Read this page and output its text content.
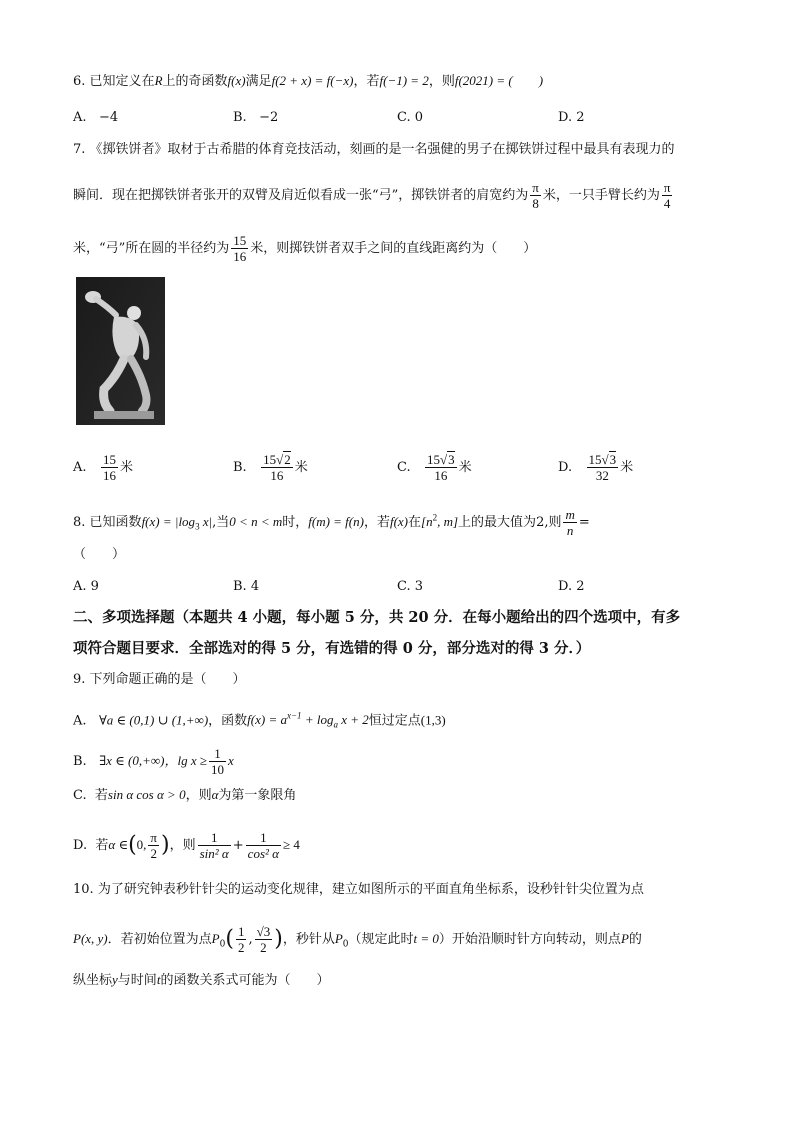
6. 已知定义在R上的奇函数f(x)满足f(2 + x) = f(−x)，若f(−1) = 2，则f(2021) = (　　)
A. −4	B. −2	C. 0	D. 2
7. 《掷铁饼者》取材于古希腊的体育竞技活动，刻画的是一名强健的男子在掷铁饼过程中最具有表现力的
瞬间．现在把掷铁饼者张开的双臂及肩近似看成一张“弓”，掷铁饼者的肩宽约为 $\frac{\pi}{8}$ 米，一只手臂长约为 $\frac{\pi}{4}$
米，“弓”所在圆的半径约为 $\frac{15}{16}$ 米，则掷铁饼者双手之间的直线距离约为（　　）
A. $\frac{15}{16}$ 米	B. $\frac{15√2}{16}$ 米	C. $\frac{15√3}{16}$ 米	D. $\frac{15√3}{32}$ 米
8. 已知函数$f(x) = |\log_3$ x|,当0 < n < m时，f(m) = f(n)，若f(x)在[$n^2$, m]上的最大值为2,则 $\frac{m}{n}$ =
（　　）
A. 9	B. 4	C. 3	D. 2
二、多项选择题（本题共 4 小题，每小题 5 分，共 20 分．在每小题给出的四个选项中，有多
项符合题目要求．全部选对的得 5 分，有选错的得 0 分，部分选对的得 3 分．）
9. 下列命题正确的是（　　）
A. ∀a ∈ (0,1) ∪ (1,+∞)，函数$f(x) = a^{x-1} + \log_a x + 2$恒过定点(1,3)
B. ∃x ∈ (0,+∞)，$\lg x \ge \frac{1}{10}$ x
C. 若sin α cos α > 0，则α为第一象限角
D. 若α ∈(0, $\frac{\pi}{2}$ )，则 $\frac{1}{\text{sin² α}} + \frac{1}{\text{cos² α}} \ge 4$
10. 为了研究钟表秒针针尖的运动变化规律，建立如图所示的平面直角坐标系，设秒针针尖位置为点
P(x, y)．若初始位置为点$P_0( \frac{1}{2}$ , $\frac{√3}{2}$ )，秒针从$P_0$（规定此时t = 0）开始沿顺时针方向转动，则点P的
纵坐标y与时间t的函数关系式可能为（　　）
